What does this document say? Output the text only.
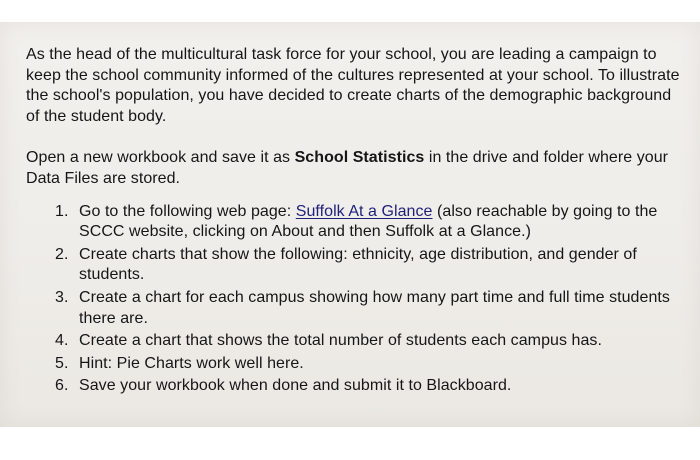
As the head of the multicultural task force for your school, you are leading a campaign to keep the school community informed of the cultures represented at your school. To illustrate the school's population, you have decided to create charts of the demographic background of the student body.

Open a new workbook and save it as School Statistics in the drive and folder where your Data Files are stored.

1. Go to the following web page: Suffolk At a Glance (also reachable by going to the SCCC website, clicking on About and then Suffolk at a Glance.)
2. Create charts that show the following: ethnicity, age distribution, and gender of students.
3. Create a chart for each campus showing how many part time and full time students there are.
4. Create a chart that shows the total number of students each campus has.
5. Hint: Pie Charts work well here.
6. Save your workbook when done and submit it to Blackboard.
